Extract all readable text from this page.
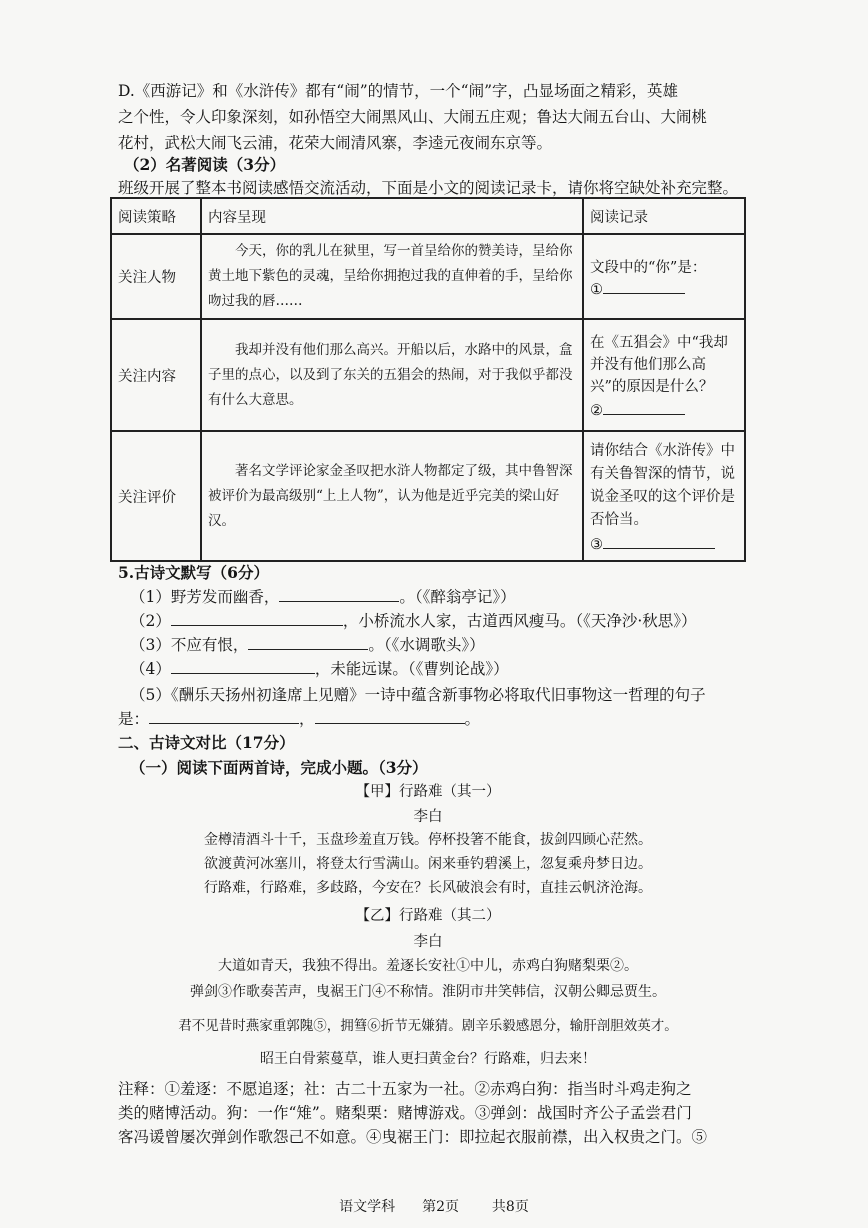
D.《西游记》和《水浒传》都有“闹”的情节，一个“闹”字，凸显场面之精彩，英雄
之个性，令人印象深刻，如孙悟空大闹黑风山、大闹五庄观；鲁达大闹五台山、大闹桃
花村，武松大闹飞云浦，花荣大闹清风寨，李逵元夜闹东京等。
（2）名著阅读（3分）
班级开展了整本书阅读感悟交流活动，下面是小文的阅读记录卡，请你将空缺处补充完整。
阅读策略	内容呈现	阅读记录
关注人物	今天，你的乳儿在狱里，写一首呈给你的赞美诗，呈给你黄土地下紫色的灵魂，呈给你拥抱过我的直伸着的手，呈给你吻过我的唇……	文段中的“你”是：
①

关注内容	我却并没有他们那么高兴。开船以后，水路中的风景，盒子里的点心，以及到了东关的五猖会的热闹，对于我似乎都没有什么大意思。	在《五猖会》中“我却并没有他们那么高兴”的原因是什么？
②

关注评价	著名文学评论家金圣叹把水浒人物都定了级，其中鲁智深被评价为最高级别“上上人物”，认为他是近乎完美的梁山好汉。	请你结合《水浒传》中有关鲁智深的情节，说说金圣叹的这个评价是否恰当。
③
5.古诗文默写（6分）
（1）野芳发而幽香，	。（《醉翁亭记》）
（2）	，小桥流水人家，古道西风瘦马。（《天净沙·秋思》）
（3）不应有恨，	。（《水调歌头》）
（4）	，未能远谋。（《曹刿论战》）
（5）《酬乐天扬州初逢席上见赠》一诗中蕴含新事物必将取代旧事物这一哲理的句子
是：	，	。
二、古诗文对比（17分）
（一）阅读下面两首诗，完成小题。（3分）
【甲】行路难（其一）
李白
金樽清酒斗十千，玉盘珍羞直万钱。停杯投箸不能食，拔剑四顾心茫然。
欲渡黄河冰塞川，将登太行雪满山。闲来垂钓碧溪上，忽复乘舟梦日边。
行路难，行路难，多歧路，今安在？长风破浪会有时，直挂云帆济沧海。
【乙】行路难（其二）
李白
大道如青天，我独不得出。羞逐长安社①中儿，赤鸡白狗赌梨栗②。
弹剑③作歌奏苦声，曳裾王门④不称情。淮阴市井笑韩信，汉朝公卿忌贾生。
君不见昔时燕家重郭隗⑤，拥篲⑥折节无嫌猜。剧辛乐毅感恩分，输肝剖胆效英才。
昭王白骨萦蔓草，谁人更扫黄金台？行路难，归去来！
注释：①羞逐：不愿追逐；社：古二十五家为一社。②赤鸡白狗：指当时斗鸡走狗之
类的赌博活动。狗：一作“雉”。赌梨栗：赌博游戏。③弹剑：战国时齐公子孟尝君门
客冯谖曾屡次弹剑作歌怨己不如意。④曳裾王门：即拉起衣服前襟，出入权贵之门。⑤
语文学科 第2页 共8页
